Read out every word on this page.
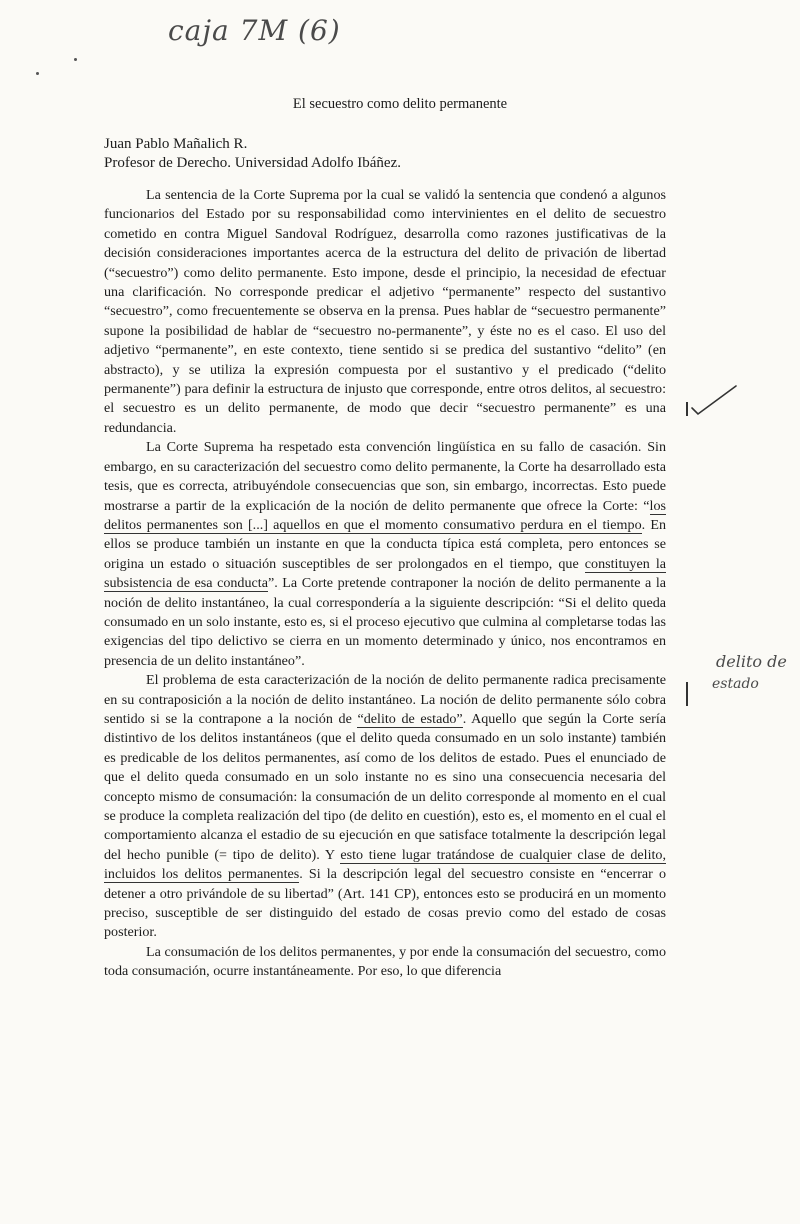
caja 7M (6)
El secuestro como delito permanente
Juan Pablo Mañalich R.
Profesor de Derecho. Universidad Adolfo Ibáñez.

La sentencia de la Corte Suprema por la cual se validó la sentencia que condenó a algunos funcionarios del Estado por su responsabilidad como intervinientes en el delito de secuestro cometido en contra Miguel Sandoval Rodríguez, desarrolla como razones justificativas de la decisión consideraciones importantes acerca de la estructura del delito de privación de libertad (“secuestro”) como delito permanente. Esto impone, desde el principio, la necesidad de efectuar una clarificación. No corresponde predicar el adjetivo “permanente” respecto del sustantivo “secuestro”, como frecuentemente se observa en la prensa. Pues hablar de “secuestro permanente” supone la posibilidad de hablar de “secuestro no-permanente”, y éste no es el caso. El uso del adjetivo “permanente”, en este contexto, tiene sentido si se predica del sustantivo “delito” (en abstracto), y se utiliza la expresión compuesta por el sustantivo y el predicado (“delito permanente”) para definir la estructura de injusto que corresponde, entre otros delitos, al secuestro: el secuestro es un delito permanente, de modo que decir “secuestro permanente” es una redundancia.

La Corte Suprema ha respetado esta convención lingüística en su fallo de casación. Sin embargo, en su caracterización del secuestro como delito permanente, la Corte ha desarrollado esta tesis, que es correcta, atribuyéndole consecuencias que son, sin embargo, incorrectas. Esto puede mostrarse a partir de la explicación de la noción de delito permanente que ofrece la Corte: “los delitos permanentes son [...] aquellos en que el momento consumativo perdura en el tiempo. En ellos se produce también un instante en que la conducta típica está completa, pero entonces se origina un estado o situación susceptibles de ser prolongados en el tiempo, que constituyen la subsistencia de esa conducta”. La Corte pretende contraponer la noción de delito permanente a la noción de delito instantáneo, la cual correspondería a la siguiente descripción: “Si el delito queda consumado en un solo instante, esto es, si el proceso ejecutivo que culmina al completarse todas las exigencias del tipo delictivo se cierra en un momento determinado y único, nos encontramos en presencia de un delito instantáneo”.

El problema de esta caracterización de la noción de delito permanente radica precisamente en su contraposición a la noción de delito instantáneo. La noción de delito permanente sólo cobra sentido si se la contrapone a la noción de “delito de estado”. Aquello que según la Corte sería distintivo de los delitos instantáneos (que el delito queda consumado en un solo instante) también es predicable de los delitos permanentes, así como de los delitos de estado. Pues el enunciado de que el delito queda consumado en un solo instante no es sino una consecuencia necesaria del concepto mismo de consumación: la consumación de un delito corresponde al momento en el cual se produce la completa realización del tipo (de delito en cuestión), esto es, el momento en el cual el comportamiento alcanza el estadio de su ejecución en que satisface totalmente la descripción legal del hecho punible (= tipo de delito). Y esto tiene lugar tratándose de cualquier clase de delito, incluidos los delitos permanentes. Si la descripción legal del secuestro consiste en “encerrar o detener a otro privándole de su libertad” (Art. 141 CP), entonces esto se producirá en un momento preciso, susceptible de ser distinguido del estado de cosas previo como del estado de cosas posterior.

La consumación de los delitos permanentes, y por ende la consumación del secuestro, como toda consumación, ocurre instantáneamente. Por eso, lo que diferencia

delito de
estado
